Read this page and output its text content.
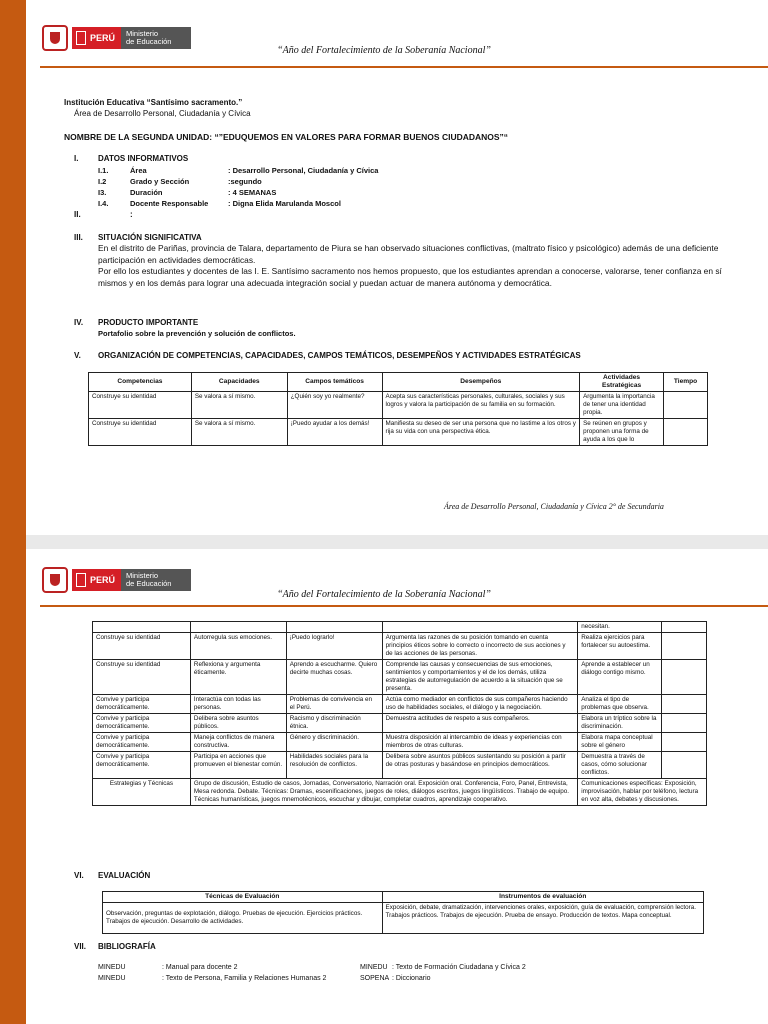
PERÚ Ministerio
de Educación
“Año del Fortalecimiento de la Soberanía Nacional”
Institución Educativa “Santísimo sacramento.”
Área de Desarrollo Personal, Ciudadanía y Cívica
NOMBRE DE LA SEGUNDA UNIDAD: “”EDUQUEMOS EN VALORES PARA FORMAR BUENOS CIUDADANOS”“
I. DATOS INFORMATIVOS
I.1.	Área	: Desarrollo Personal, Ciudadanía y Cívica
I.2	Grado y Sección	:segundo
I3.	Duración	: 4 SEMANAS
I.4.	Docente Responsable	: Digna Elida Marulanda Moscol
II.	:
III. SITUACIÓN SIGNIFICATIVA
En el distrito de Pariñas, provincia de Talara, departamento de Piura se han observado situaciones conflictivas, (maltrato físico y psicológico) además de una deficiente participación en actividades democráticas.
Por ello los estudiantes y docentes de las I. E. Santísimo sacramento nos hemos propuesto, que los estudiantes aprendan a conocerse, valorarse, tener confianza en sí mismos y en los demás para lograr una adecuada integración social y puedan actuar de manera autónoma y democrática.
IV. PRODUCTO IMPORTANTE
Portafolio sobre la prevención y solución de conflictos.
V. ORGANIZACIÓN DE COMPETENCIAS, CAPACIDADES, CAMPOS TEMÁTICOS, DESEMPEÑOS Y ACTIVIDADES ESTRATÉGICAS
Competencias	Capacidades	Campos temáticos	Desempeños	Actividades Estratégicas	Tiempo
Construye su identidad	Se valora a sí mismo.	¿Quién soy yo realmente?	Acepta sus características personales, culturales, sociales y sus logros y valora la participación de su familia en su formación.	Argumenta la importancia de tener una identidad propia.	
Construye su identidad	Se valora a sí mismo.	¡Puedo ayudar a los demás!	Manifiesta su deseo de ser una persona que no lastime a los otros y rija su vida con una perspectiva ética.	Se reúnen en grupos y proponen una forma de ayuda a los que lo	
Área de Desarrollo Personal, Ciudadanía y Cívica 2° de Secundaria
PERÚ Ministerio
de Educación
“Año del Fortalecimiento de la Soberanía Nacional”
				necesitan.	
Construye su identidad	Autorregula sus emociones.	¡Puedo lograrlo!	Argumenta las razones de su posición tomando en cuenta principios éticos sobre lo correcto o incorrecto de sus acciones y de las acciones de las personas.	Realiza ejercicios para fortalecer su autoestima.	
Construye su identidad	Reflexiona y argumenta éticamente.	Aprendo a escucharme. Quiero decirte muchas cosas.	Comprende las causas y consecuencias de sus emociones, sentimientos y comportamientos y el de los demás, utiliza estrategias de autorregulación de acuerdo a la situación que se presenta.	Aprende a establecer un diálogo contigo mismo.	
Convive y participa democráticamente.	Interactúa con todas las personas.	Problemas de convivencia en el Perú.	Actúa como mediador en conflictos de sus compañeros haciendo uso de habilidades sociales, el diálogo y la negociación.	Analiza el tipo de problemas que observa.	
Convive y participa democráticamente.	Delibera sobre asuntos públicos.	Racismo y discriminación étnica.	Demuestra actitudes de respeto a sus compañeros.	Elabora un tríptico sobre la discriminación.	
Convive y participa democráticamente.	Maneja conflictos de manera constructiva.	Género y discriminación.	Muestra disposición al intercambio de ideas y experiencias con miembros de otras culturas.	Elabora mapa conceptual sobre el género	
Convive y participa democráticamente.	Participa en acciones que promueven el bienestar común.	Habilidades sociales para la resolución de conflictos.	Delibera sobre asuntos públicos sustentando su posición a partir de otras posturas y basándose en principios democráticos.	Demuestra a través de casos, cómo solucionar conflictos.	
Estrategias y Técnicas	Grupo de discusión, Estudio de casos, Jornadas, Conversatorio, Narración oral. Exposición oral. Conferencia, Foro, Panel, Entrevista, Mesa redonda. Debate. Técnicas: Dramas, escenificaciones, juegos de roles, diálogos escritos, juegos lingüísticos. Trabajo de equipo. Técnicas humanísticas, juegos mnemotécnicos, escuchar y dibujar, completar cuadros, aprendizaje cooperativo.			Comunicaciones específicas: Exposición, improvisación, hablar por teléfono, lectura en voz alta, debates y discusiones.	
VI. EVALUACIÓN
Técnicas de Evaluación	Instrumentos de evaluación
Observación, preguntas de explotación, diálogo. Pruebas de ejecución. Ejercicios prácticos. Trabajos de ejecución. Desarrollo de actividades.	Exposición, debate, dramatización, intervenciones orales, exposición, guía de evaluación, comprensión lectora. Trabajos prácticos. Trabajos de ejecución. Prueba de ensayo. Producción de textos. Mapa conceptual.
VII. BIBLIOGRAFÍA
MINEDU	: Manual para docente 2
MINEDU	: Texto de Persona, Familia y Relaciones Humanas 2
MINEDU : Texto de Formación Ciudadana y Cívica 2
SOPENA : Diccionario
